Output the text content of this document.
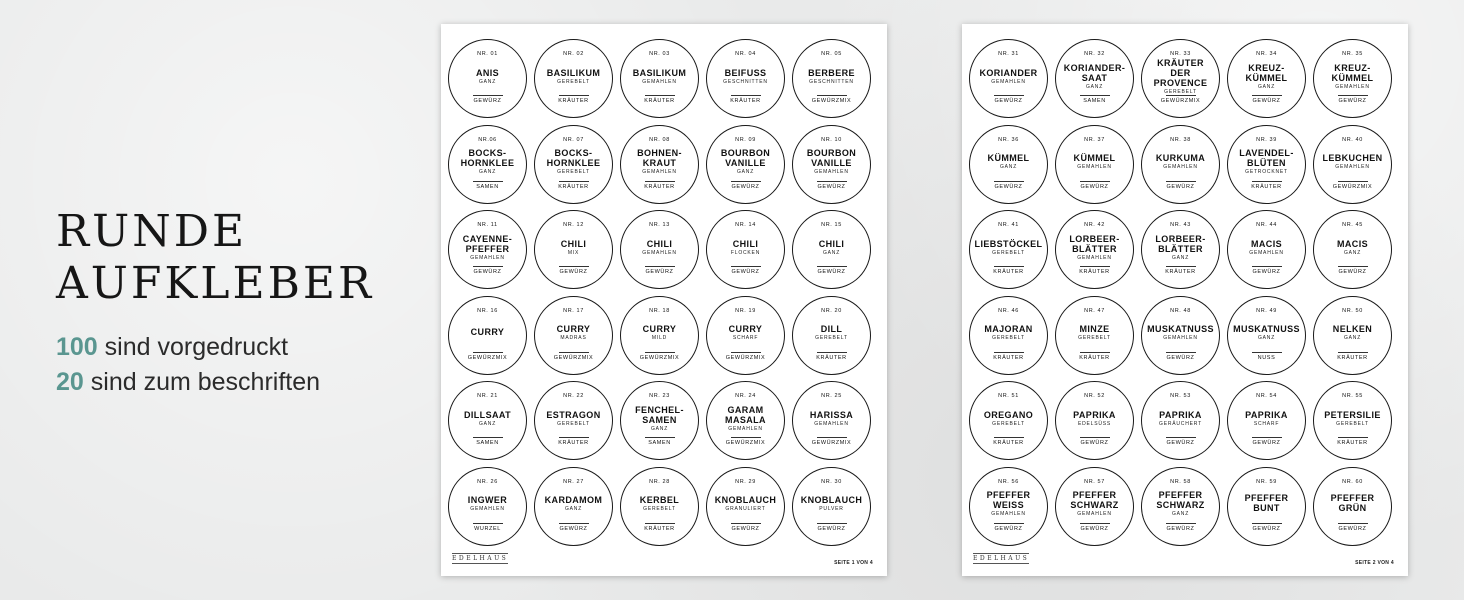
RUNDE
AUFKLEBER
100 sind vorgedruckt
20 sind zum beschriften
NR. 01
ANIS
GANZ
GEWÜRZ
NR. 02
BASILIKUM
GEREBELT
KRÄUTER
NR. 03
BASILIKUM
GEMAHLEN
KRÄUTER
NR. 04
BEIFUSS
GESCHNITTEN
KRÄUTER
NR. 05
BERBERE
GESCHNITTEN
GEWÜRZMIX
NR.06
BOCKS-
HORNKLEE
GANZ
SAMEN
NR. 07
BOCKS-
HORNKLEE
GEREBELT
KRÄUTER
NR. 08
BOHNEN-
KRAUT
GEMAHLEN
KRÄUTER
NR. 09
BOURBON
VANILLE
GANZ
GEWÜRZ
NR. 10
BOURBON
VANILLE
GEMAHLEN
GEWÜRZ
NR. 11
CAYENNE-
PFEFFER
GEMAHLEN
GEWÜRZ
NR. 12
CHILI
MIX
GEWÜRZ
NR. 13
CHILI
GEMAHLEN
GEWÜRZ
NR. 14
CHILI
FLOCKEN
GEWÜRZ
NR. 15
CHILI
GANZ
GEWÜRZ
NR. 16
CURRY
GEWÜRZMIX
NR. 17
CURRY
MADRAS
GEWÜRZMIX
NR. 18
CURRY
MILD
GEWÜRZMIX
NR. 19
CURRY
SCHARF
GEWÜRZMIX
NR. 20
DILL
GEREBELT
KRÄUTER
NR. 21
DILLSAAT
GANZ
SAMEN
NR. 22
ESTRAGON
GEREBELT
KRÄUTER
NR. 23
FENCHEL-
SAMEN
GANZ
SAMEN
NR. 24
GARAM
MASALA
GEMAHLEN
GEWÜRZMIX
NR. 25
HARISSA
GEMAHLEN
GEWÜRZMIX
NR. 26
INGWER
GEMAHLEN
WURZEL
NR. 27
KARDAMOM
GANZ
GEWÜRZ
NR. 28
KERBEL
GEREBELT
KRÄUTER
NR. 29
KNOBLAUCH
GRANULIERT
GEWÜRZ
NR. 30
KNOBLAUCH
PULVER
GEWÜRZ
EDELHAUS
SEITE 1 VON 4
NR. 31
KORIANDER
GEMAHLEN
GEWÜRZ
NR. 32
KORIANDER-
SAAT
GANZ
SAMEN
NR. 33
KRÄUTER
DER PROVENCE
GEREBELT
GEWÜRZMIX
NR. 34
KREUZ-
KÜMMEL
GANZ
GEWÜRZ
NR. 35
KREUZ-
KÜMMEL
GEMAHLEN
GEWÜRZ
NR. 36
KÜMMEL
GANZ
GEWÜRZ
NR. 37
KÜMMEL
GEMAHLEN
GEWÜRZ
NR. 38
KURKUMA
GEMAHLEN
GEWÜRZ
NR. 39
LAVENDEL-
BLÜTEN
GETROCKNET
KRÄUTER
NR. 40
LEBKUCHEN
GEMAHLEN
GEWÜRZMIX
NR. 41
LIEBSTÖCKEL
GEREBELT
KRÄUTER
NR. 42
LORBEER-
BLÄTTER
GEMAHLEN
KRÄUTER
NR. 43
LORBEER-
BLÄTTER
GANZ
KRÄUTER
NR. 44
MACIS
GEMAHLEN
GEWÜRZ
NR. 45
MACIS
GANZ
GEWÜRZ
NR. 46
MAJORAN
GEREBELT
KRÄUTER
NR. 47
MINZE
GEREBELT
KRÄUTER
NR. 48
MUSKATNUSS
GEMAHLEN
GEWÜRZ
NR. 49
MUSKATNUSS
GANZ
NUSS
NR. 50
NELKEN
GANZ
KRÄUTER
NR. 51
OREGANO
GEREBELT
KRÄUTER
NR. 52
PAPRIKA
EDELSÜSS
GEWÜRZ
NR. 53
PAPRIKA
GERÄUCHERT
GEWÜRZ
NR. 54
PAPRIKA
SCHARF
GEWÜRZ
NR. 55
PETERSILIE
GEREBELT
KRÄUTER
NR. 56
PFEFFER
WEISS
GEMAHLEN
GEWÜRZ
NR. 57
PFEFFER
SCHWARZ
GEMAHLEN
GEWÜRZ
NR. 58
PFEFFER
SCHWARZ
GANZ
GEWÜRZ
NR. 59
PFEFFER
BUNT
GEWÜRZ
NR. 60
PFEFFER
GRÜN
GEWÜRZ
EDELHAUS
SEITE 2 VON 4
